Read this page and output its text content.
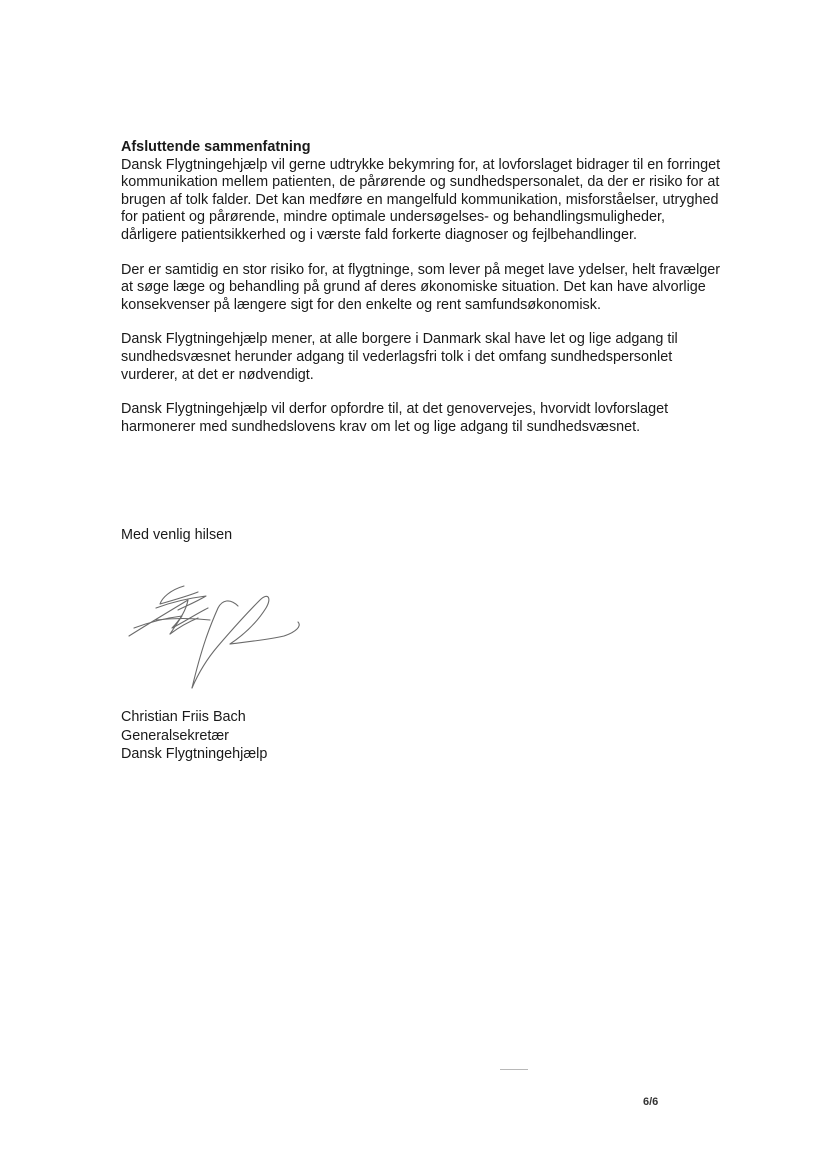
Afsluttende sammenfatning

Dansk Flygtningehjælp vil gerne udtrykke bekymring for, at lovforslaget bidrager til en forringet kommunikation mellem patienten, de pårørende og sundhedspersonalet, da der er risiko for at brugen af tolk falder. Det kan medføre en mangelfuld kommunikation, misforståelser, utryghed for patient og pårørende, mindre optimale undersøgelses- og behandlingsmuligheder, dårligere patientsikkerhed og i værste fald forkerte diagnoser og fejlbehandlinger.

Der er samtidig en stor risiko for, at flygtninge, som lever på meget lave ydelser, helt fravælger at søge læge og behandling på grund af deres økonomiske situation. Det kan have alvorlige konsekvenser på længere sigt for den enkelte og rent samfundsøkonomisk.

Dansk Flygtningehjælp mener, at alle borgere i Danmark skal have let og lige adgang til sundhedsvæsnet herunder adgang til vederlagsfri tolk i det omfang sundhedspersonlet vurderer, at det er nødvendigt.

Dansk Flygtningehjælp vil derfor opfordre til, at det genovervejes, hvorvidt lovforslaget harmonerer med sundhedslovens krav om let og lige adgang til sundhedsvæsnet.

Med venlig hilsen

Christian Friis Bach
Generalsekretær
Dansk Flygtningehjælp
6/6
